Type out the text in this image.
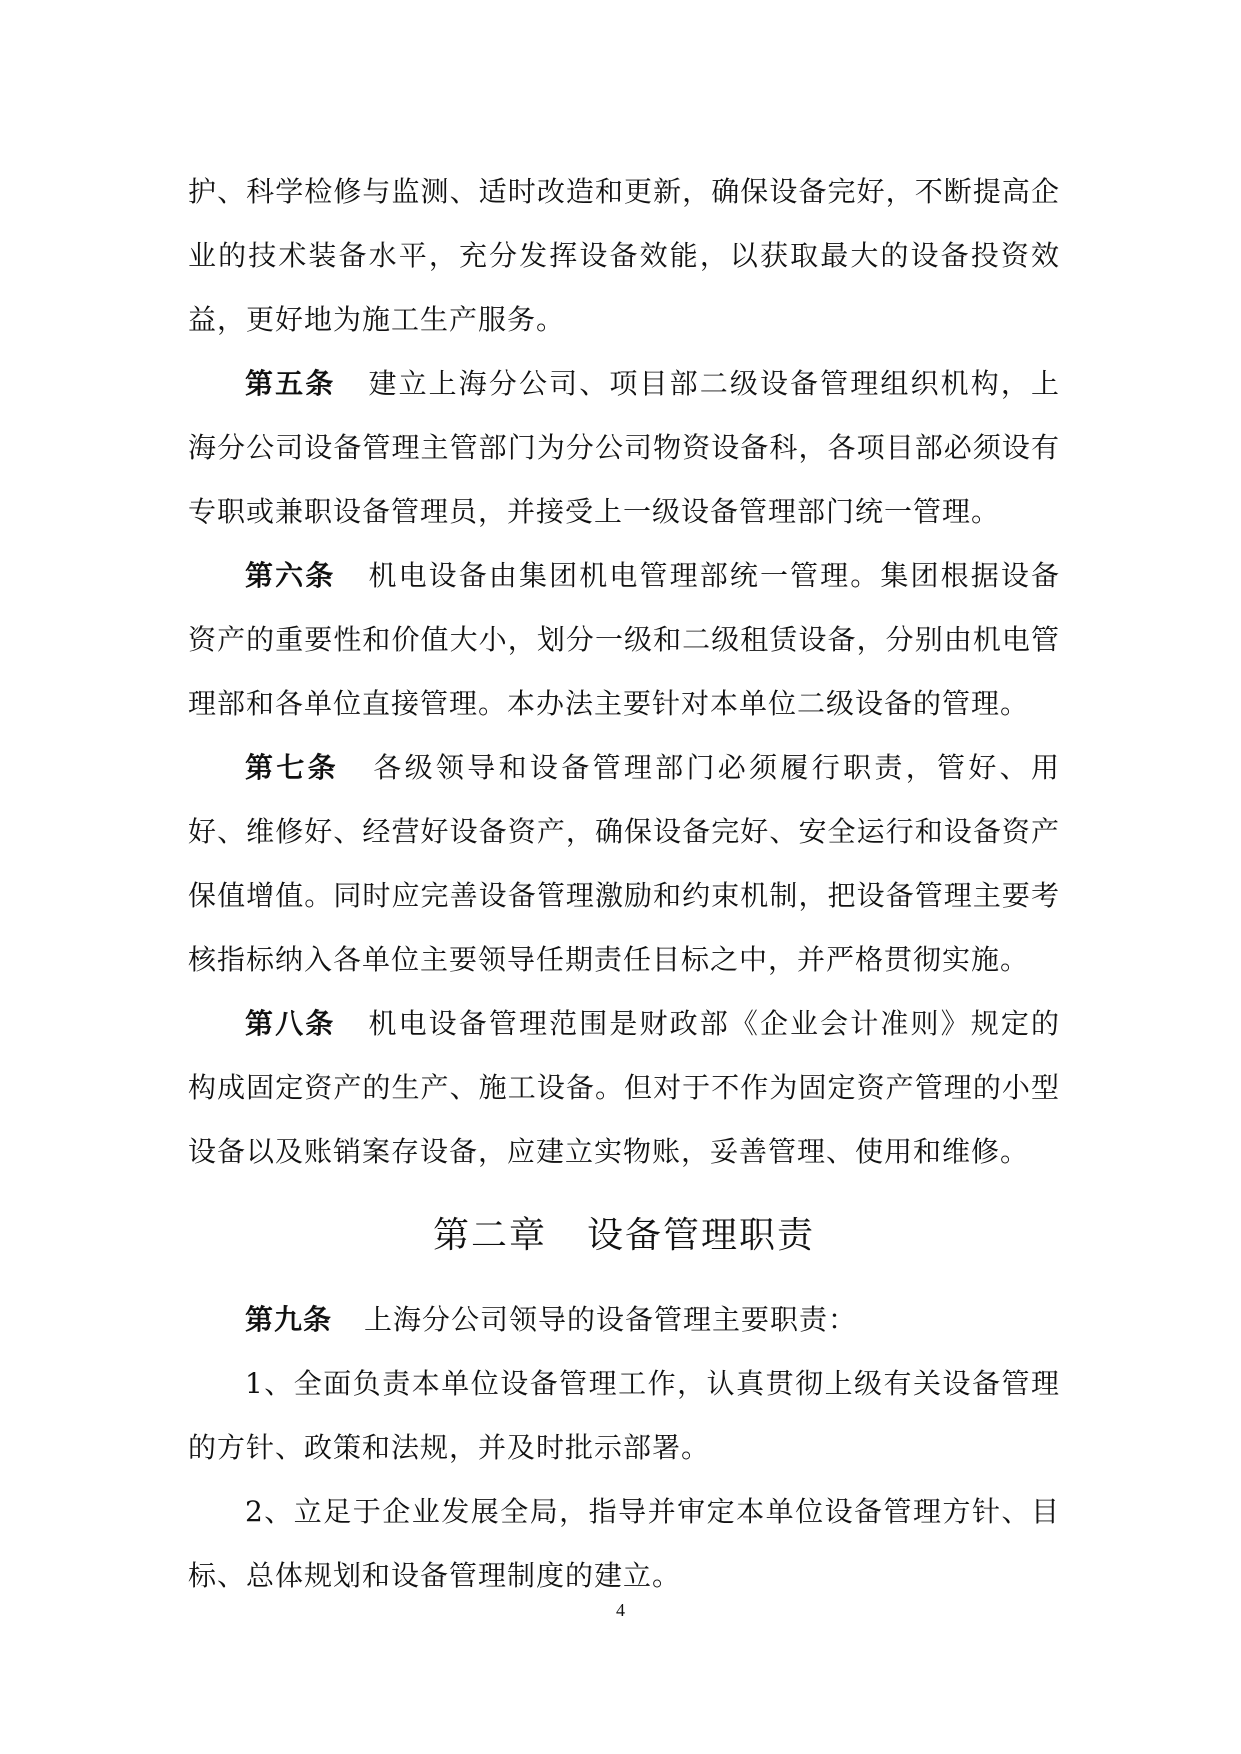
护、科学检修与监测、适时改造和更新，确保设备完好，不断提高企业的技术装备水平，充分发挥设备效能，以获取最大的设备投资效益，更好地为施工生产服务。

第五条 建立上海分公司、项目部二级设备管理组织机构，上海分公司设备管理主管部门为分公司物资设备科，各项目部必须设有专职或兼职设备管理员，并接受上一级设备管理部门统一管理。

第六条 机电设备由集团机电管理部统一管理。集团根据设备资产的重要性和价值大小，划分一级和二级租赁设备，分别由机电管理部和各单位直接管理。本办法主要针对本单位二级设备的管理。

第七条 各级领导和设备管理部门必须履行职责，管好、用好、维修好、经营好设备资产，确保设备完好、安全运行和设备资产保值增值。同时应完善设备管理激励和约束机制，把设备管理主要考核指标纳入各单位主要领导任期责任目标之中，并严格贯彻实施。

第八条 机电设备管理范围是财政部《企业会计准则》规定的构成固定资产的生产、施工设备。但对于不作为固定资产管理的小型设备以及账销案存设备，应建立实物账，妥善管理、使用和维修。

第二章 设备管理职责

第九条 上海分公司领导的设备管理主要职责：

1、全面负责本单位设备管理工作，认真贯彻上级有关设备管理的方针、政策和法规，并及时批示部署。

2、立足于企业发展全局，指导并审定本单位设备管理方针、目标、总体规划和设备管理制度的建立。

4
